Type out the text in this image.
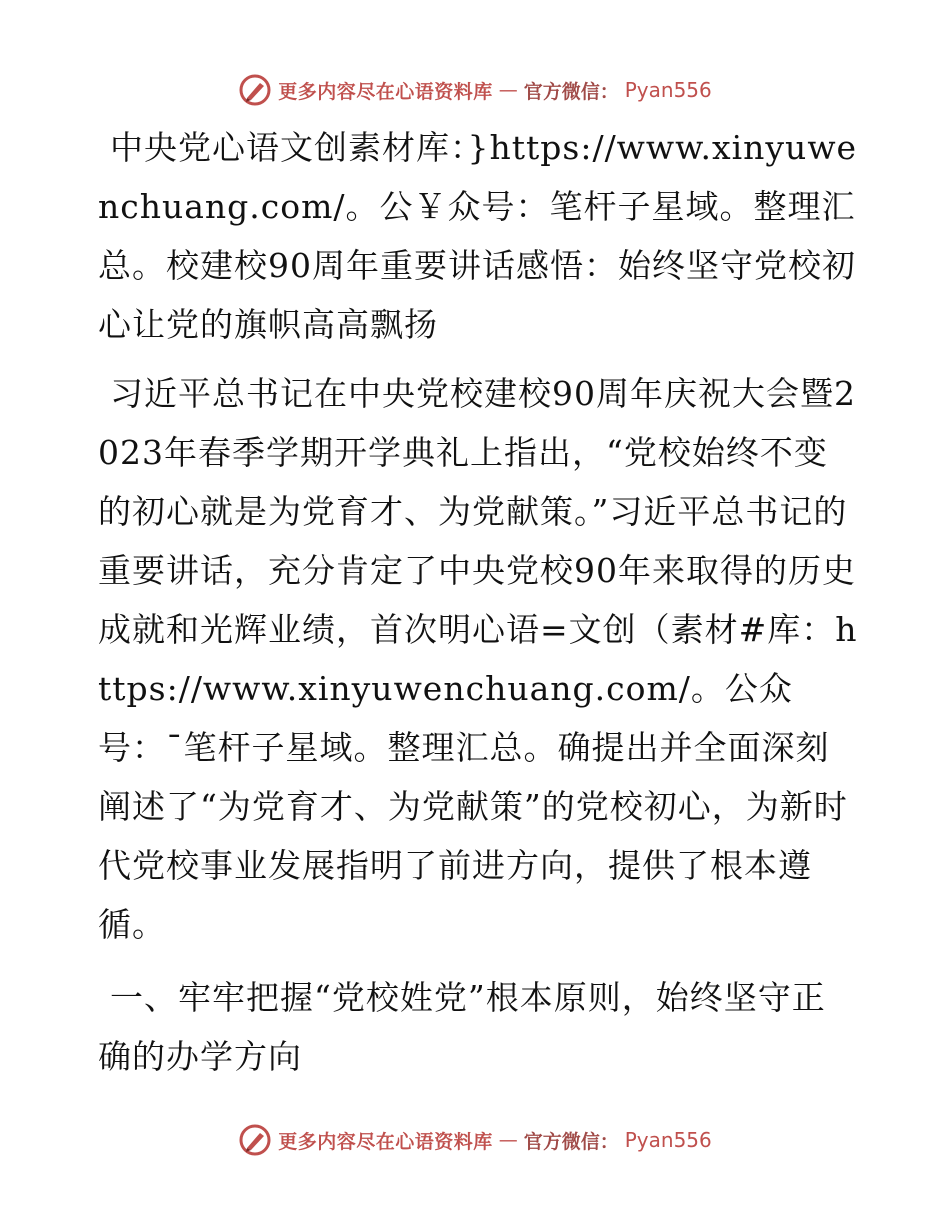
更多内容尽在心语资料库 — 官方微信： Pyan556

中央党心语文创素材库：}https://www.xinyuwenchuang.com/。公￥众号：笔杆子星域。整理汇总。校建校90周年重要讲话感悟：始终坚守党校初心让党的旗帜高高飘扬

习近平总书记在中央党校建校90周年庆祝大会暨2023年春季学期开学典礼上指出，“党校始终不变的初心就是为党育才、为党献策。”习近平总书记的重要讲话，充分肯定了中央党校90年来取得的历史成就和光辉业绩，首次明心语=文创（素材#库：https://www.xinyuwenchuang.com/。公众号：¯笔杆子星域。整理汇总。确提出并全面深刻阐述了“为党育才、为党献策”的党校初心，为新时代党校事业发展指明了前进方向，提供了根本遵循。

一、牢牢把握“党校姓党”根本原则，始终坚守正确的办学方向

更多内容尽在心语资料库 — 官方微信： Pyan556
